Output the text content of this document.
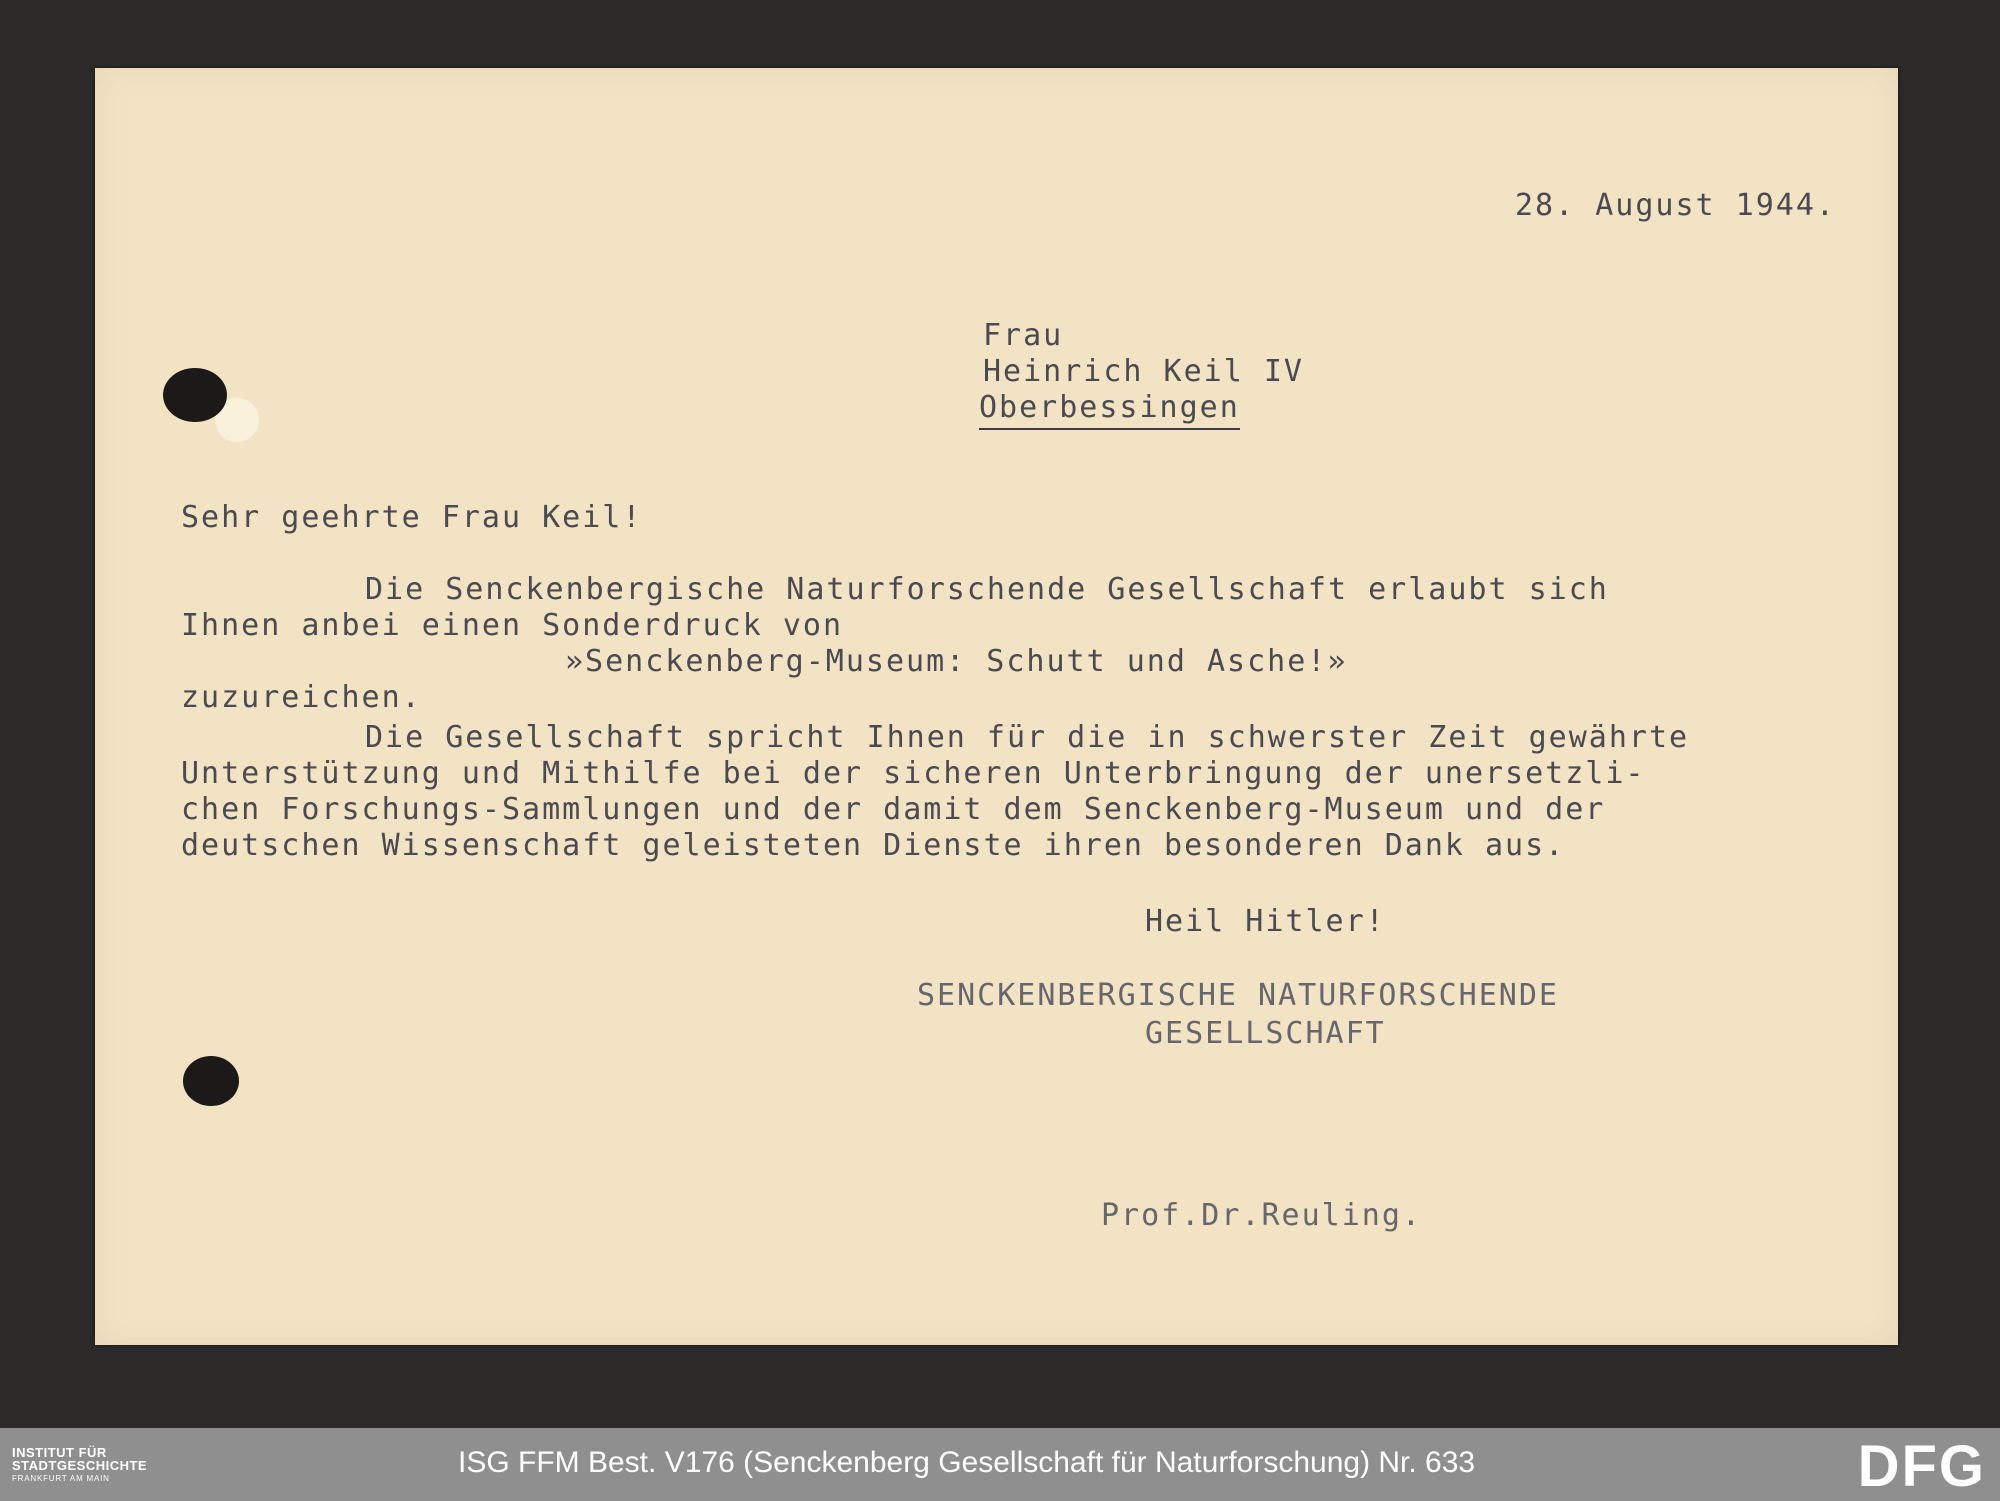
28. August 1944.
Frau
Heinrich Keil IV
Oberbessingen
Sehr geehrte Frau Keil!
Die Senckenbergische Naturforschende Gesellschaft erlaubt sich
Ihnen anbei einen Sonderdruck von
»Senckenberg-Museum: Schutt und Asche!»
zuzureichen.
Die Gesellschaft spricht Ihnen für die in schwerster Zeit gewährte
Unterstützung und Mithilfe bei der sicheren Unterbringung der unersetzli-
chen Forschungs-Sammlungen und der damit dem Senckenberg-Museum und der
deutschen Wissenschaft geleisteten Dienste ihren besonderen Dank aus.
Heil Hitler!
SENCKENBERGISCHE NATURFORSCHENDE
GESELLSCHAFT
Prof.Dr.Reuling.
INSTITUT FÜR
STADTGESCHICHTE
FRANKFURT AM MAIN	ISG FFM Best. V176 (Senckenberg Gesellschaft für Naturforschung) Nr. 633	DFG
